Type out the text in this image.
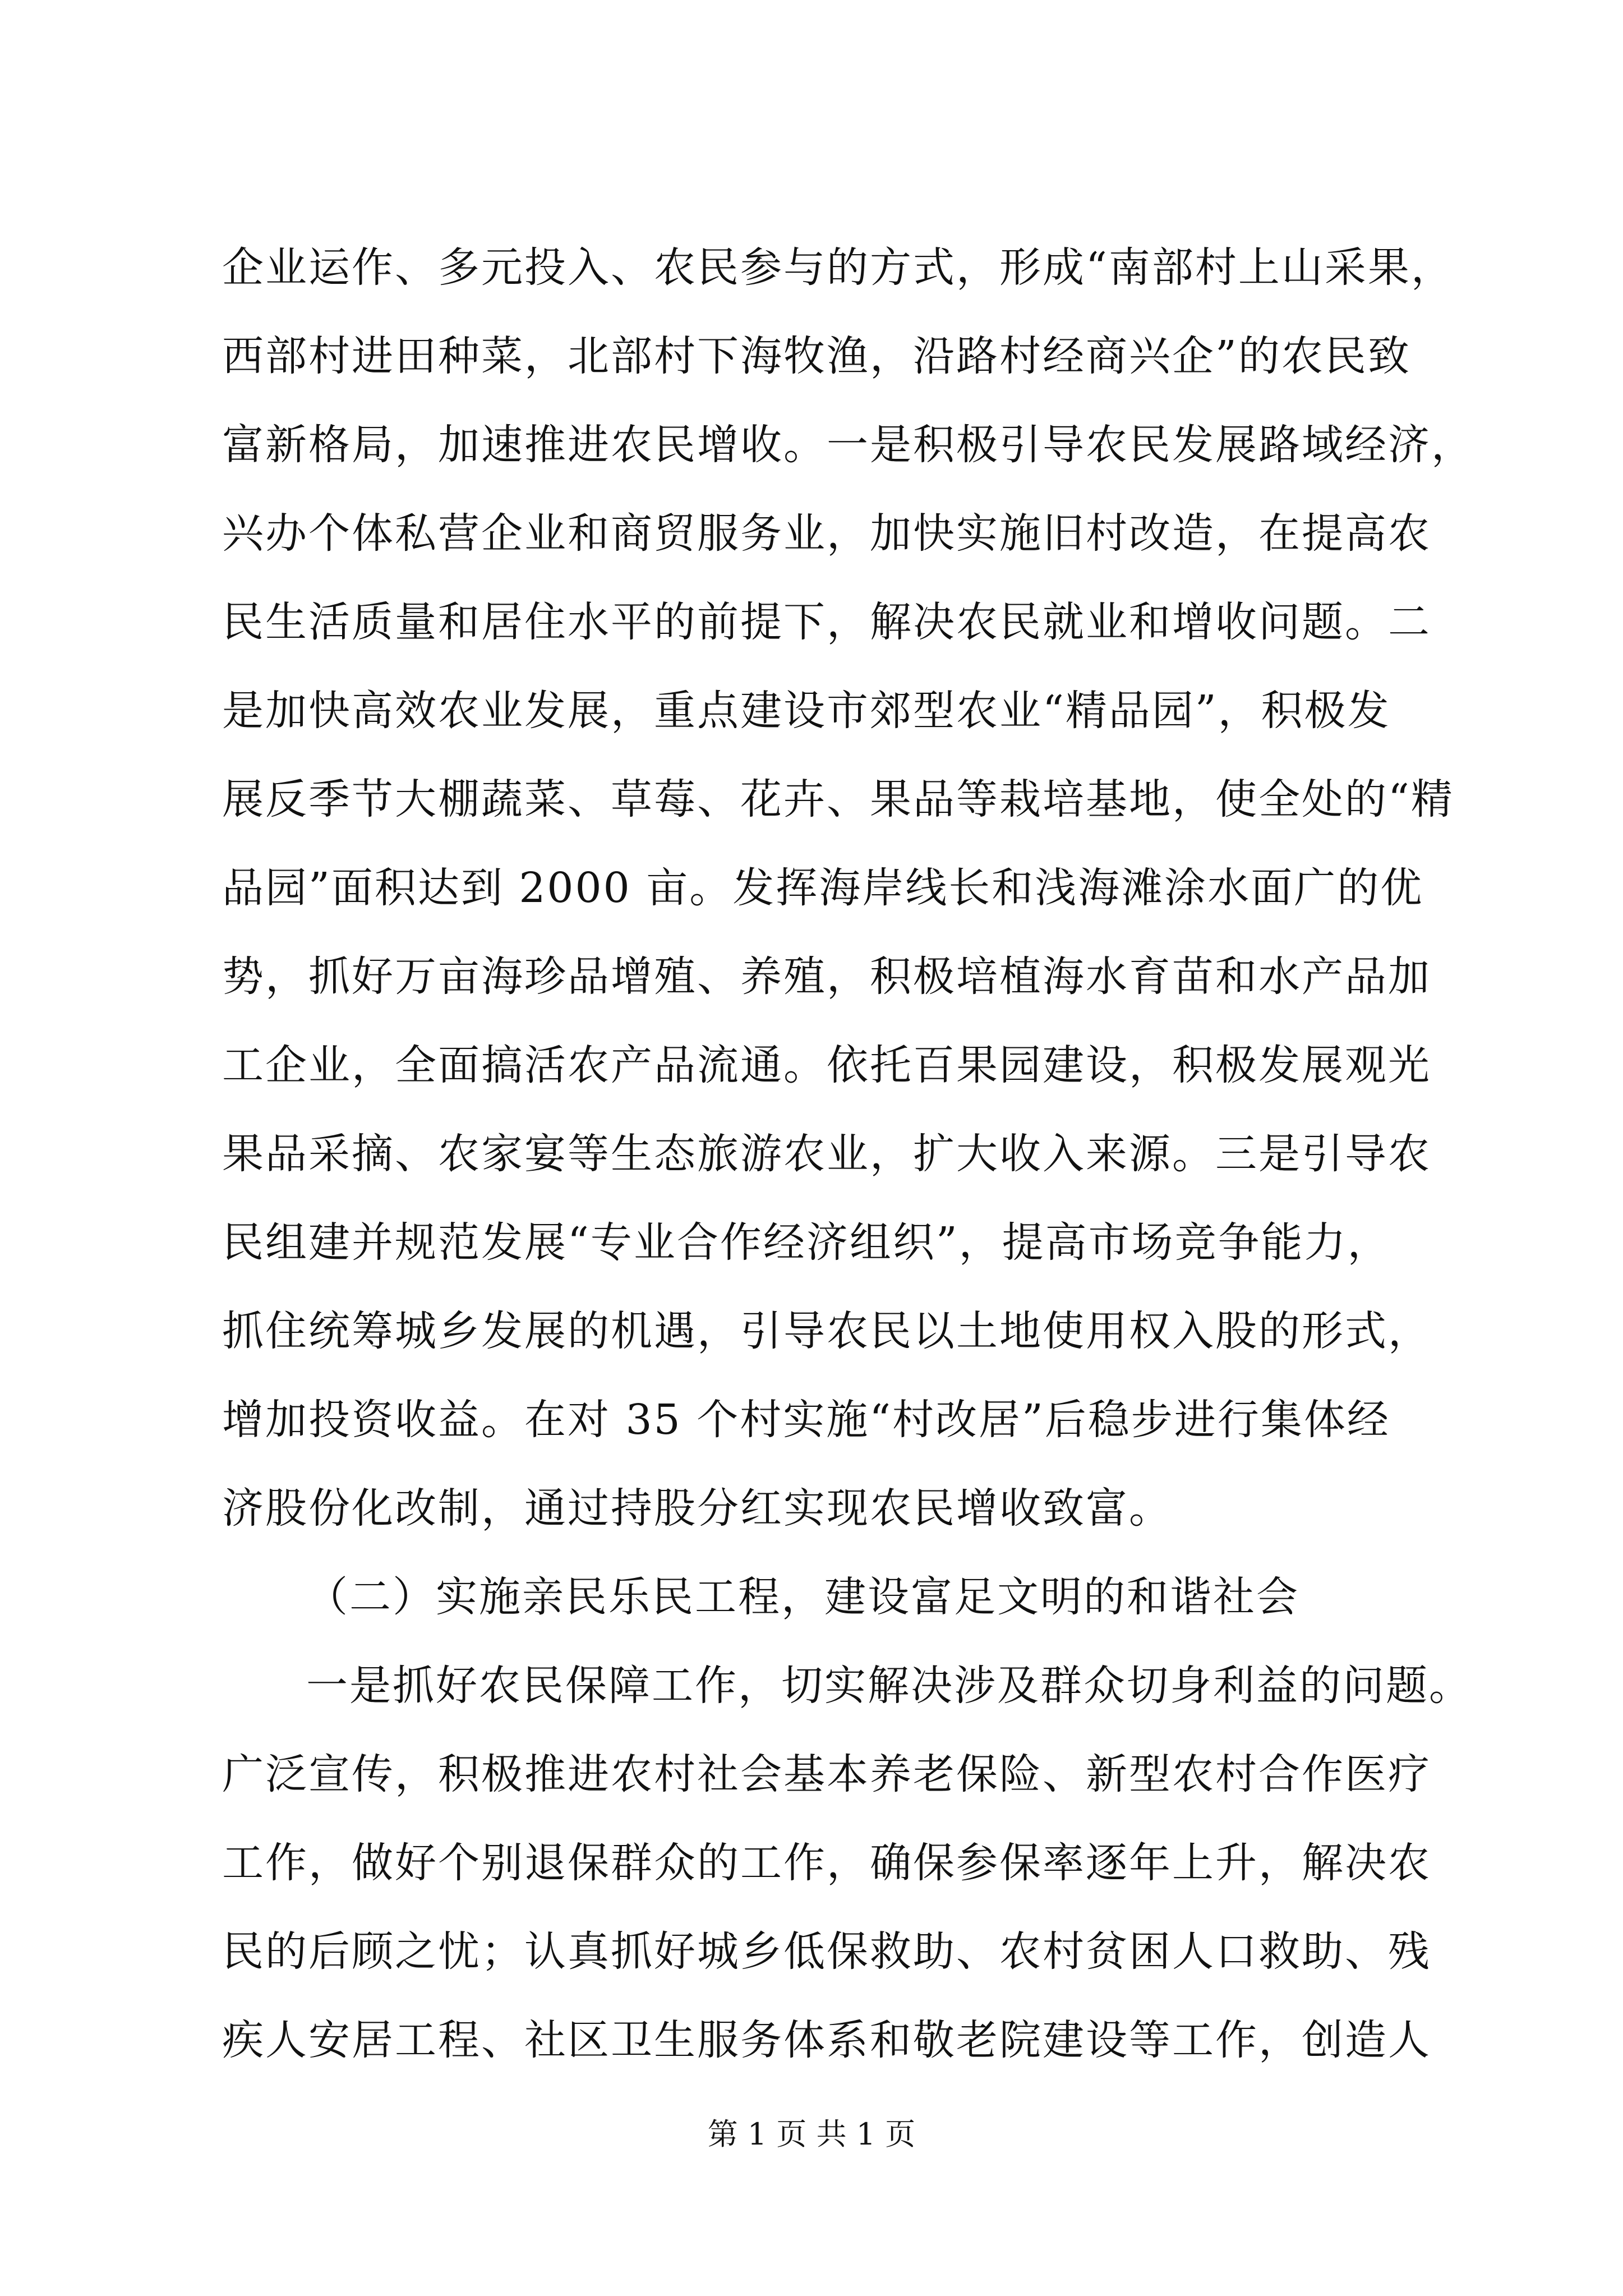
企业运作、多元投入、农民参与的方式，形成“南部村上山采果，
西部村进田种菜，北部村下海牧渔，沿路村经商兴企”的农民致
富新格局，加速推进农民增收。一是积极引导农民发展路域经济，
兴办个体私营企业和商贸服务业，加快实施旧村改造，在提高农
民生活质量和居住水平的前提下，解决农民就业和增收问题。二
是加快高效农业发展，重点建设市郊型农业“精品园”，积极发
展反季节大棚蔬菜、草莓、花卉、果品等栽培基地，使全处的“精
品园”面积达到 2000 亩。发挥海岸线长和浅海滩涂水面广的优
势，抓好万亩海珍品增殖、养殖，积极培植海水育苗和水产品加
工企业，全面搞活农产品流通。依托百果园建设，积极发展观光
果品采摘、农家宴等生态旅游农业，扩大收入来源。三是引导农
民组建并规范发展“专业合作经济组织”，提高市场竞争能力，
抓住统筹城乡发展的机遇，引导农民以土地使用权入股的形式，
增加投资收益。在对 35 个村实施“村改居”后稳步进行集体经
济股份化改制，通过持股分红实现农民增收致富。
（二）实施亲民乐民工程，建设富足文明的和谐社会
一是抓好农民保障工作，切实解决涉及群众切身利益的问题。
广泛宣传，积极推进农村社会基本养老保险、新型农村合作医疗
工作，做好个别退保群众的工作，确保参保率逐年上升，解决农
民的后顾之忧；认真抓好城乡低保救助、农村贫困人口救助、残
疾人安居工程、社区卫生服务体系和敬老院建设等工作，创造人
第 1 页 共 1 页
